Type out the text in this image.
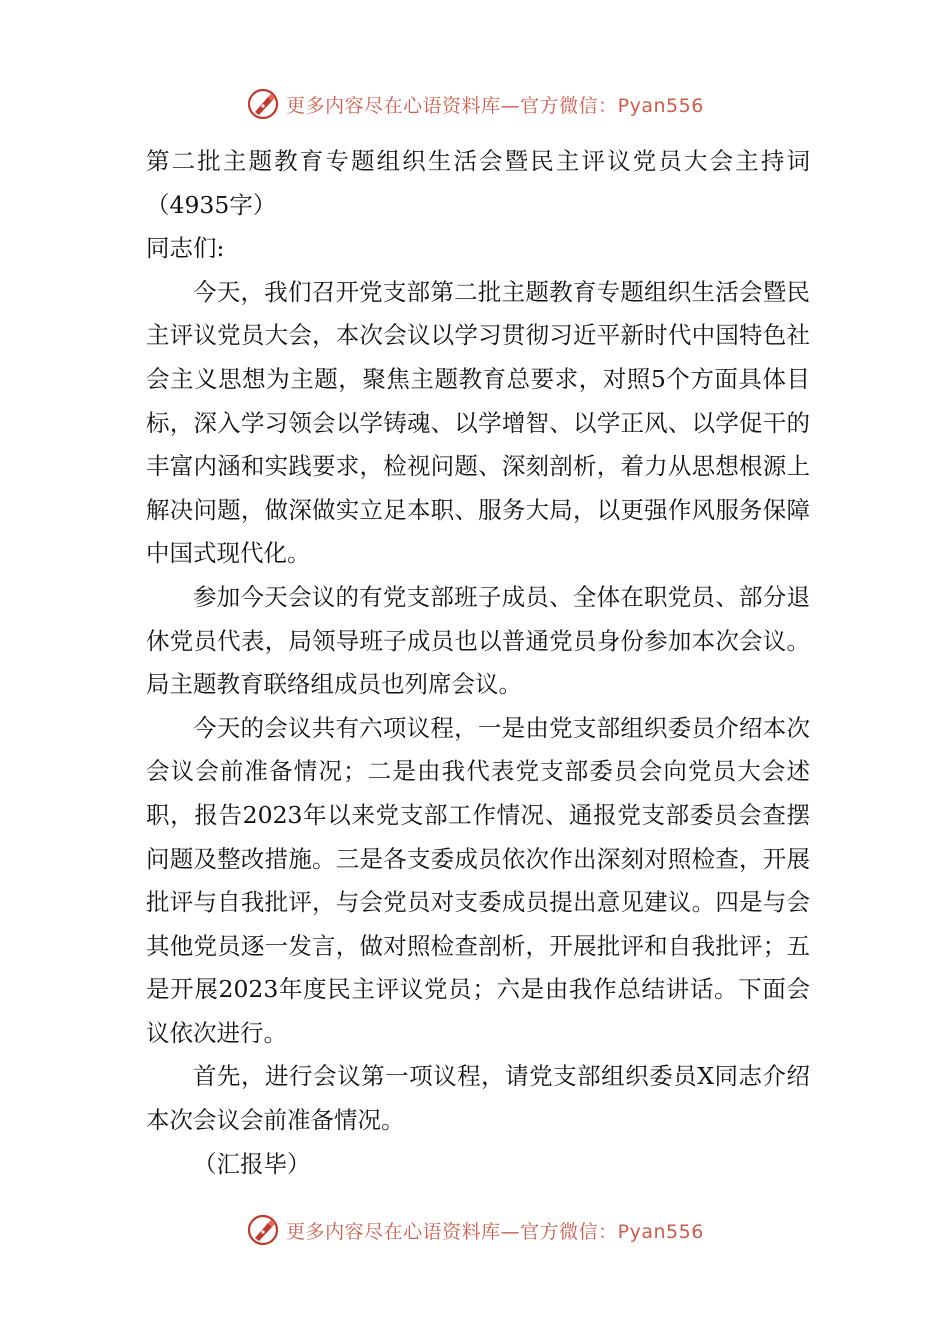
更多内容尽在心语资料库—官方微信：Pyan556

第二批主题教育专题组织生活会暨民主评议党员大会主持词（4935字）

同志们:

今天，我们召开党支部第二批主题教育专题组织生活会暨民主评议党员大会，本次会议以学习贯彻习近平新时代中国特色社会主义思想为主题，聚焦主题教育总要求，对照5个方面具体目标，深入学习领会以学铸魂、以学增智、以学正风、以学促干的丰富内涵和实践要求，检视问题、深刻剖析，着力从思想根源上解决问题，做深做实立足本职、服务大局，以更强作风服务保障中国式现代化。

参加今天会议的有党支部班子成员、全体在职党员、部分退休党员代表，局领导班子成员也以普通党员身份参加本次会议。局主题教育联络组成员也列席会议。

今天的会议共有六项议程，一是由党支部组织委员介绍本次会议会前准备情况；二是由我代表党支部委员会向党员大会述职，报告2023年以来党支部工作情况、通报党支部委员会查摆问题及整改措施。三是各支委成员依次作出深刻对照检查，开展批评与自我批评，与会党员对支委成员提出意见建议。四是与会其他党员逐一发言，做对照检查剖析，开展批评和自我批评；五是开展2023年度民主评议党员；六是由我作总结讲话。下面会议依次进行。

首先，进行会议第一项议程，请党支部组织委员X同志介绍本次会议会前准备情况。

（汇报毕）

更多内容尽在心语资料库—官方微信：Pyan556
